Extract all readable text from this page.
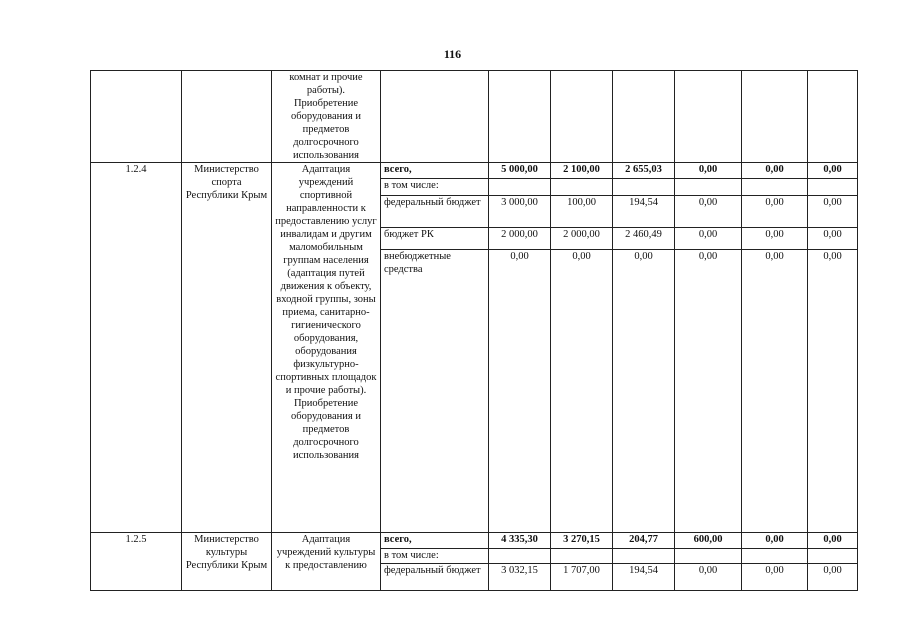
116
		комнат и прочие работы). Приобретение оборудования и предметов долгосрочного использования							
1.2.4	Министерство спорта Республики Крым	Адаптация учреждений спортивной направленности к предоставлению услуг инвалидам и другим маломобильным группам населения (адаптация путей движения к объекту, входной группы, зоны приема, санитарно-гигиенического оборудования, оборудования физкультурно-спортивных площадок и прочие работы). Приобретение оборудования и предметов долгосрочного использования	всего,	5 000,00	2 100,00	2 655,03	0,00	0,00	0,00
			в том числе:						
			федеральный бюджет	3 000,00	100,00	194,54	0,00	0,00	0,00
			бюджет РК	2 000,00	2 000,00	2 460,49	0,00	0,00	0,00
			внебюджетные средства	0,00	0,00	0,00	0,00	0,00	0,00
1.2.5	Министерство культуры Республики Крым	Адаптация учреждений культуры к предоставлению	всего,	4 335,30	3 270,15	204,77	600,00	0,00	0,00
			в том числе:						
			федеральный бюджет	3 032,15	1 707,00	194,54	0,00	0,00	0,00
